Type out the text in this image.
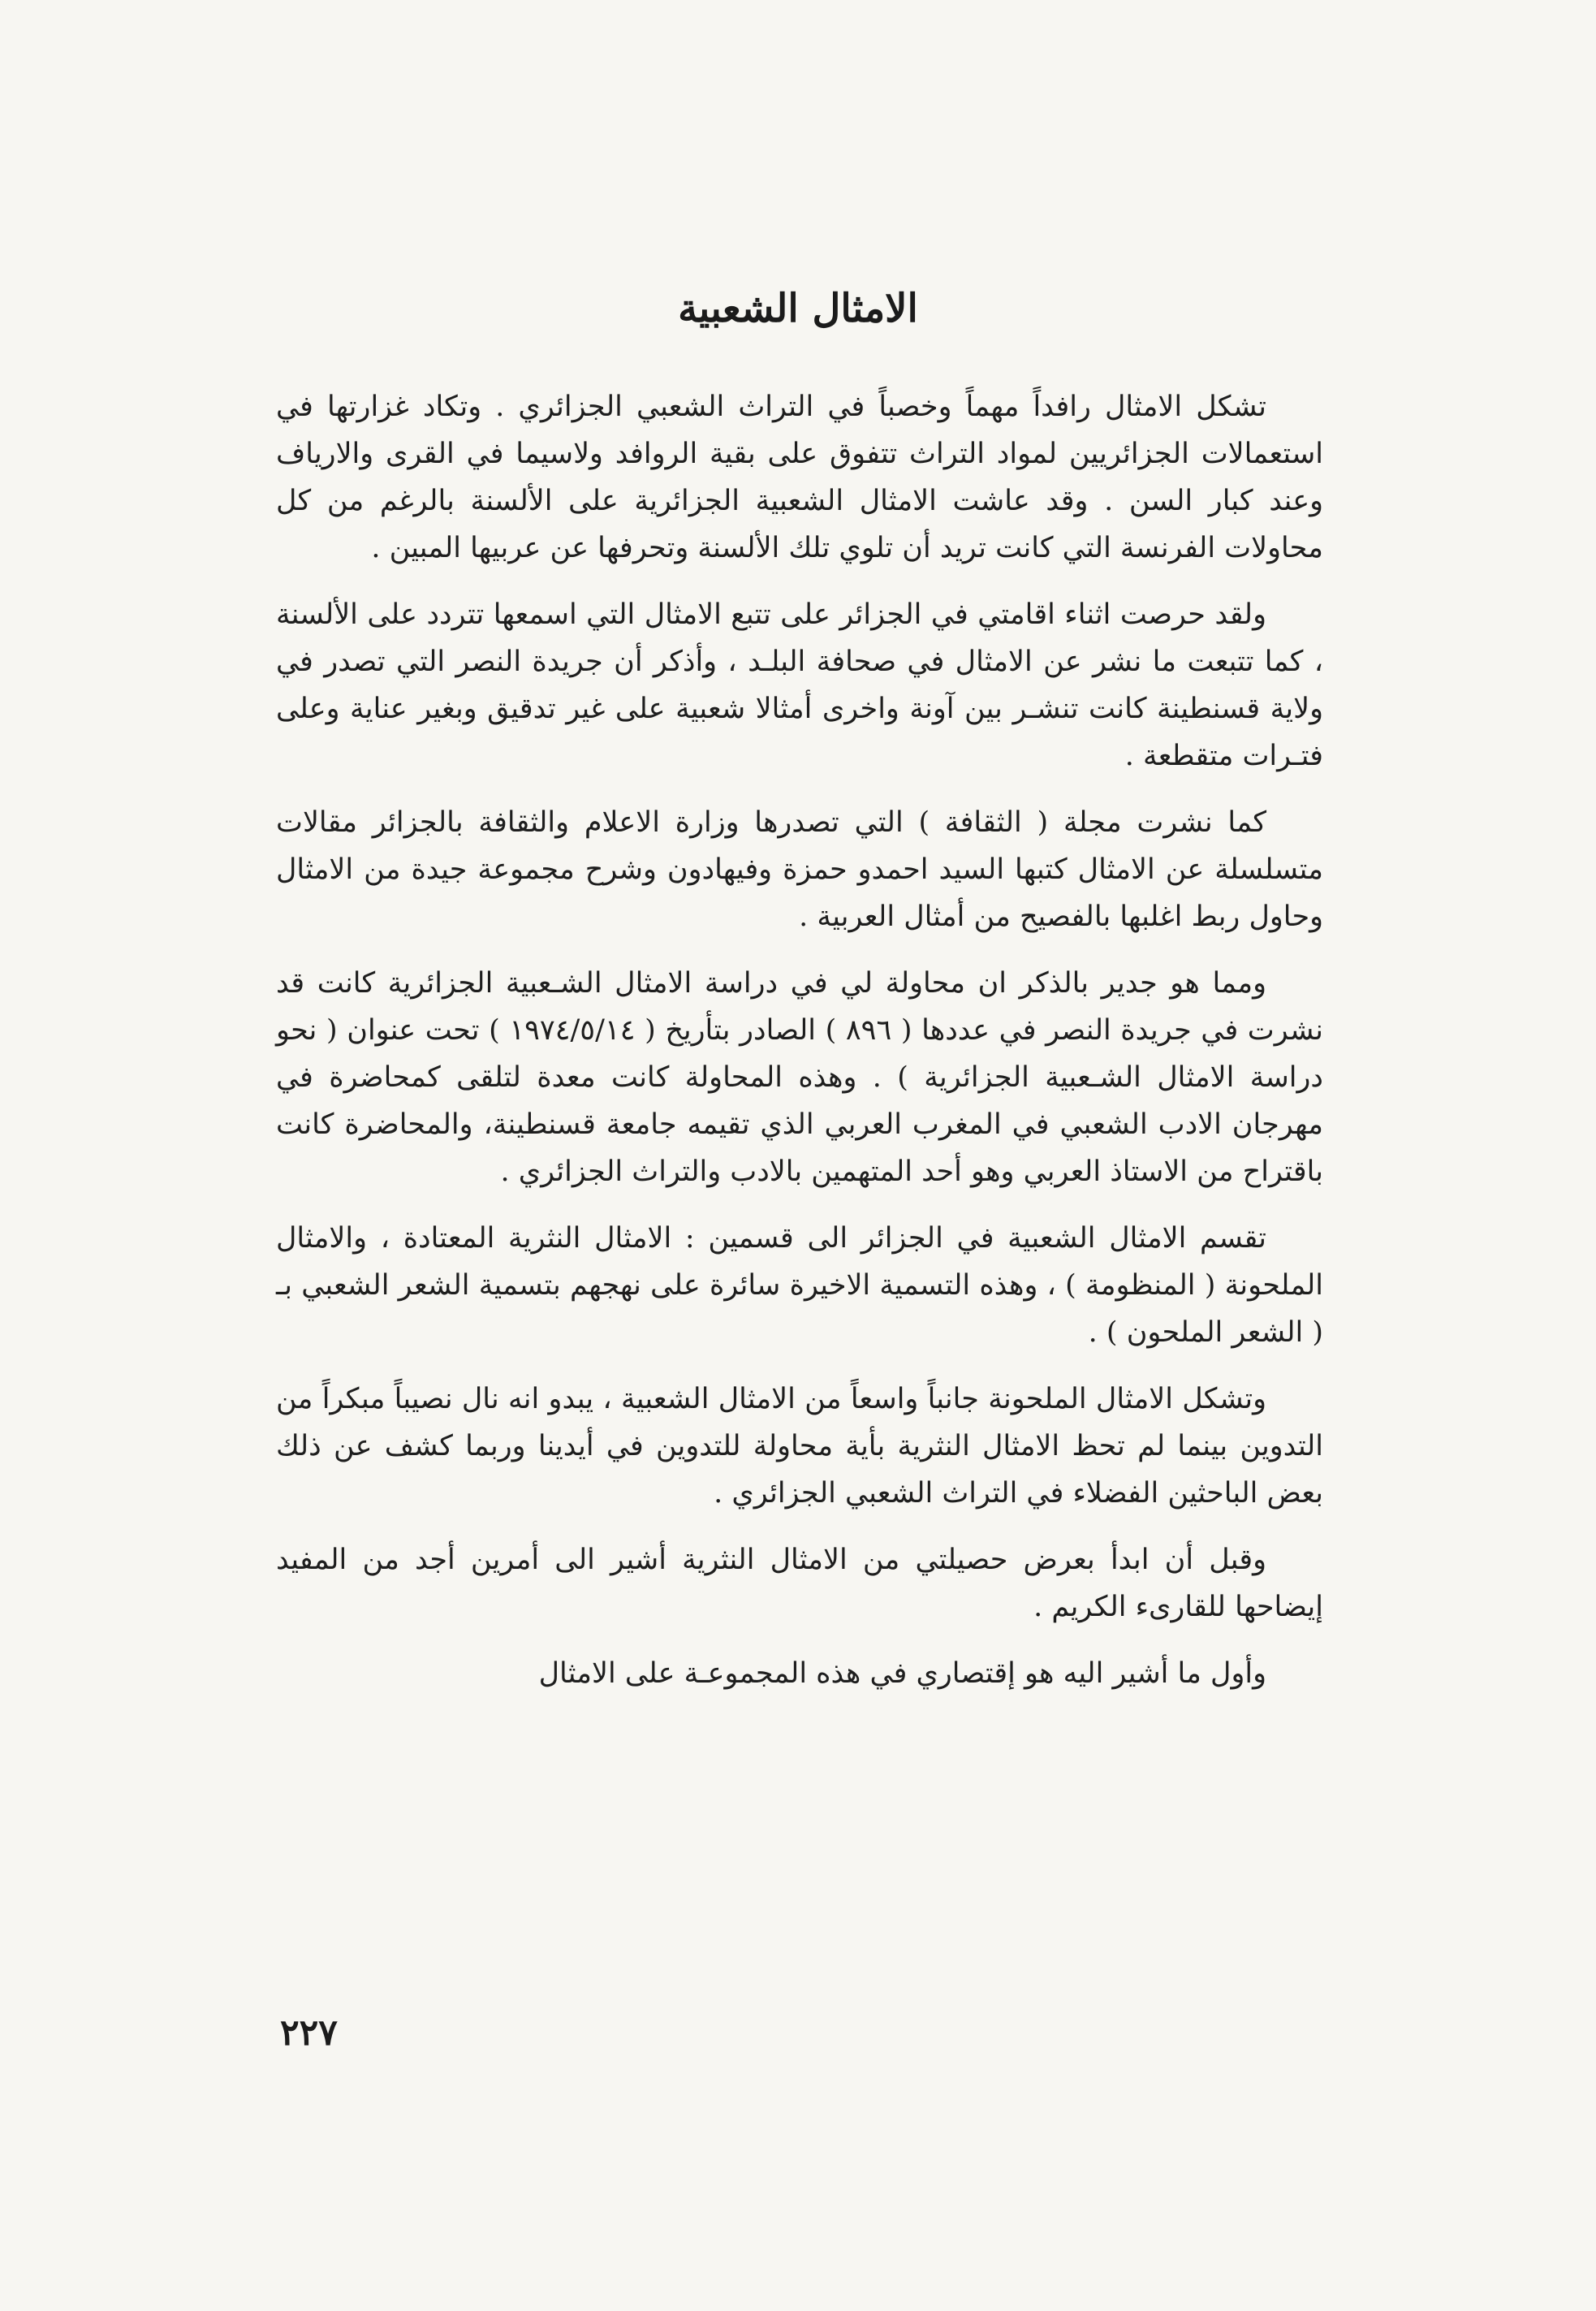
الامثال الشعبية

تشكل الامثال رافداً مهماً وخصباً في التراث الشعبي الجزائري . وتكاد غزارتها في استعمالات الجزائريين لمواد التراث تتفوق على بقية الروافد ولاسيما في القرى والارياف وعند كبار السن . وقد عاشت الامثال الشعبية الجزائرية على الألسنة بالرغم من كل محاولات الفرنسة التي كانت تريد أن تلوي تلك الألسنة وتحرفها عن عربيها المبين .

ولقد حرصت اثناء اقامتي في الجزائر على تتبع الامثال التي اسمعها تتردد على الألسنة ، كما تتبعت ما نشر عن الامثال في صحافة البلـد ، وأذكر أن جريدة النصر التي تصدر في ولاية قسنطينة كانت تنشـر بين آونة واخرى أمثالا شعبية على غير تدقيق وبغير عناية وعلى فتـرات متقطعة .

كما نشرت مجلة ( الثقافة ) التي تصدرها وزارة الاعلام والثقافة بالجزائر مقالات متسلسلة عن الامثال كتبها السيد احمدو حمزة وفيهادون وشرح مجموعة جيدة من الامثال وحاول ربط اغلبها بالفصيح من أمثال العربية .

ومما هو جدير بالذكر ان محاولة لي في دراسة الامثال الشـعبية الجزائرية كانت قد نشرت في جريدة النصر في عددها ( ٨٩٦ ) الصادر بتأريخ ( ١٩٧٤/٥/١٤ ) تحت عنوان ( نحو دراسة الامثال الشـعبية الجزائرية ) . وهذه المحاولة كانت معدة لتلقى كمحاضرة في مهرجان الادب الشعبي في المغرب العربي الذي تقيمه جامعة قسنطينة، والمحاضرة كانت باقتراح من الاستاذ العربي وهو أحد المتهمين بالادب والتراث الجزائري .

تقسم الامثال الشعبية في الجزائر الى قسمين : الامثال النثرية المعتادة ، والامثال الملحونة ( المنظومة ) ، وهذه التسمية الاخيرة سائرة على نهجهم بتسمية الشعر الشعبي بـ ( الشعر الملحون ) .

وتشكل الامثال الملحونة جانباً واسعاً من الامثال الشعبية ، يبدو انه نال نصيباً مبكراً من التدوين بينما لم تحظ الامثال النثرية بأية محاولة للتدوين في أيدينا وربما كشف عن ذلك بعض الباحثين الفضلاء في التراث الشعبي الجزائري .

وقبل أن ابدأ بعرض حصيلتي من الامثال النثرية أشير الى أمرين أجد من المفيد إيضاحها للقارىء الكريم .

وأول ما أشير اليه هو إقتصاري في هذه المجموعـة على الامثال

٢٢٧
